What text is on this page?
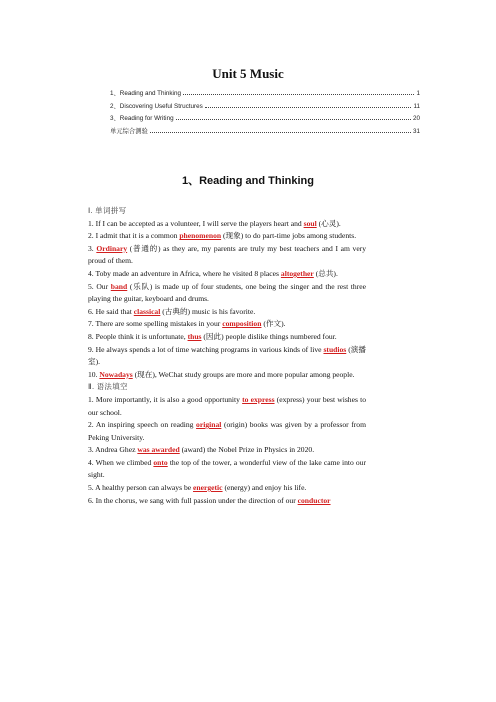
Unit 5 Music
1、Reading and Thinking	1
2、Discovering Useful Structures	11
3、Reading for Writing	20
单元综合测验	31
1、Reading and Thinking
Ⅰ. 单词拼写
1. If I can be accepted as a volunteer, I will serve the players heart and soul (心灵).
2. I admit that it is a common phenomenon (现象) to do part-time jobs among students.
3. Ordinary (普通的) as they are, my parents are truly my best teachers and I am very proud of them.
4. Toby made an adventure in Africa, where he visited 8 places altogether (总共).
5. Our band (乐队) is made up of four students, one being the singer and the rest three playing the guitar, keyboard and drums.
6. He said that classical (古典的) music is his favorite.
7. There are some spelling mistakes in your composition (作文).
8. People think it is unfortunate, thus (因此) people dislike things numbered four.
9. He always spends a lot of time watching programs in various kinds of live studios (演播室).
10. Nowadays (现在), WeChat study groups are more and more popular among people.
Ⅱ. 语法填空
1. More importantly, it is also a good opportunity to express (express) your best wishes to our school.
2. An inspiring speech on reading original (origin) books was given by a professor from Peking University.
3. Andrea Ghez was awarded (award) the Nobel Prize in Physics in 2020.
4. When we climbed onto the top of the tower, a wonderful view of the lake came into our sight.
5. A healthy person can always be energetic (energy) and enjoy his life.
6. In the chorus, we sang with full passion under the direction of our conductor
